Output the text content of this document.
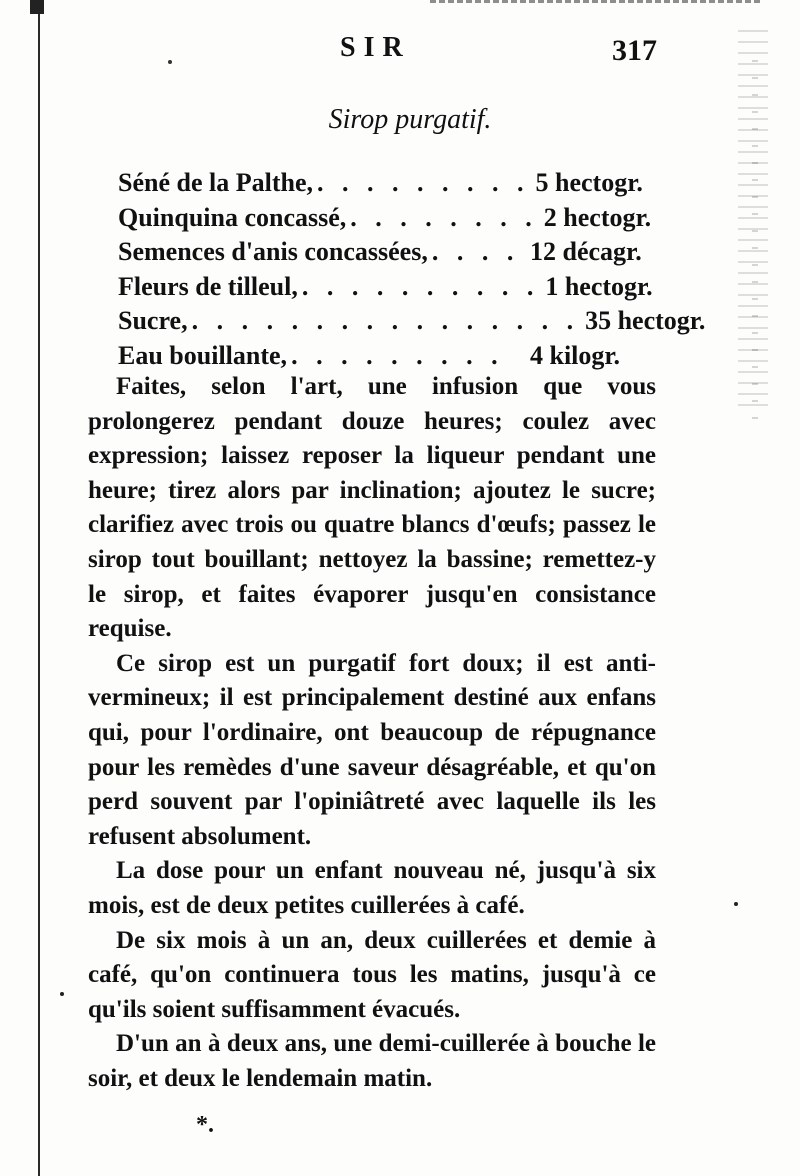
SIR	317
Sirop purgatif.
Séné de la Palthe, . . . . . . . . . 5 hectogr.
Quinquina concassé, . . . . . . . . 2 hectogr.
Semences d'anis concassées, . . . . 12 décagr.
Fleurs de tilleul, . . . . . . . . . . 1 hectogr.
Sucre, . . . . . . . . . . . . . . . . 35 hectogr.
Eau bouillante, . . . . . . . . .	4 kilogr.

Faites, selon l'art, une infusion que vous prolongerez pendant douze heures; coulez avec expression; laissez reposer la liqueur pendant une heure; tirez alors par inclination; ajoutez le sucre; clarifiez avec trois ou quatre blancs d'œufs; passez le sirop tout bouillant; nettoyez la bassine; remettez-y le sirop, et faites évaporer jusqu'en consistance requise.

Ce sirop est un purgatif fort doux; il est anti-vermineux; il est principalement destiné aux enfans qui, pour l'ordinaire, ont beaucoup de répugnance pour les remèdes d'une saveur désagréable, et qu'on perd souvent par l'opiniâtreté avec laquelle ils les refusent absolument.

La dose pour un enfant nouveau né, jusqu'à six mois, est de deux petites cuillerées à café.

De six mois à un an, deux cuillerées et demie à café, qu'on continuera tous les matins, jusqu'à ce qu'ils soient suffisamment évacués.

D'un an à deux ans, une demi-cuillerée à bouche le soir, et deux le lendemain matin.

*.
